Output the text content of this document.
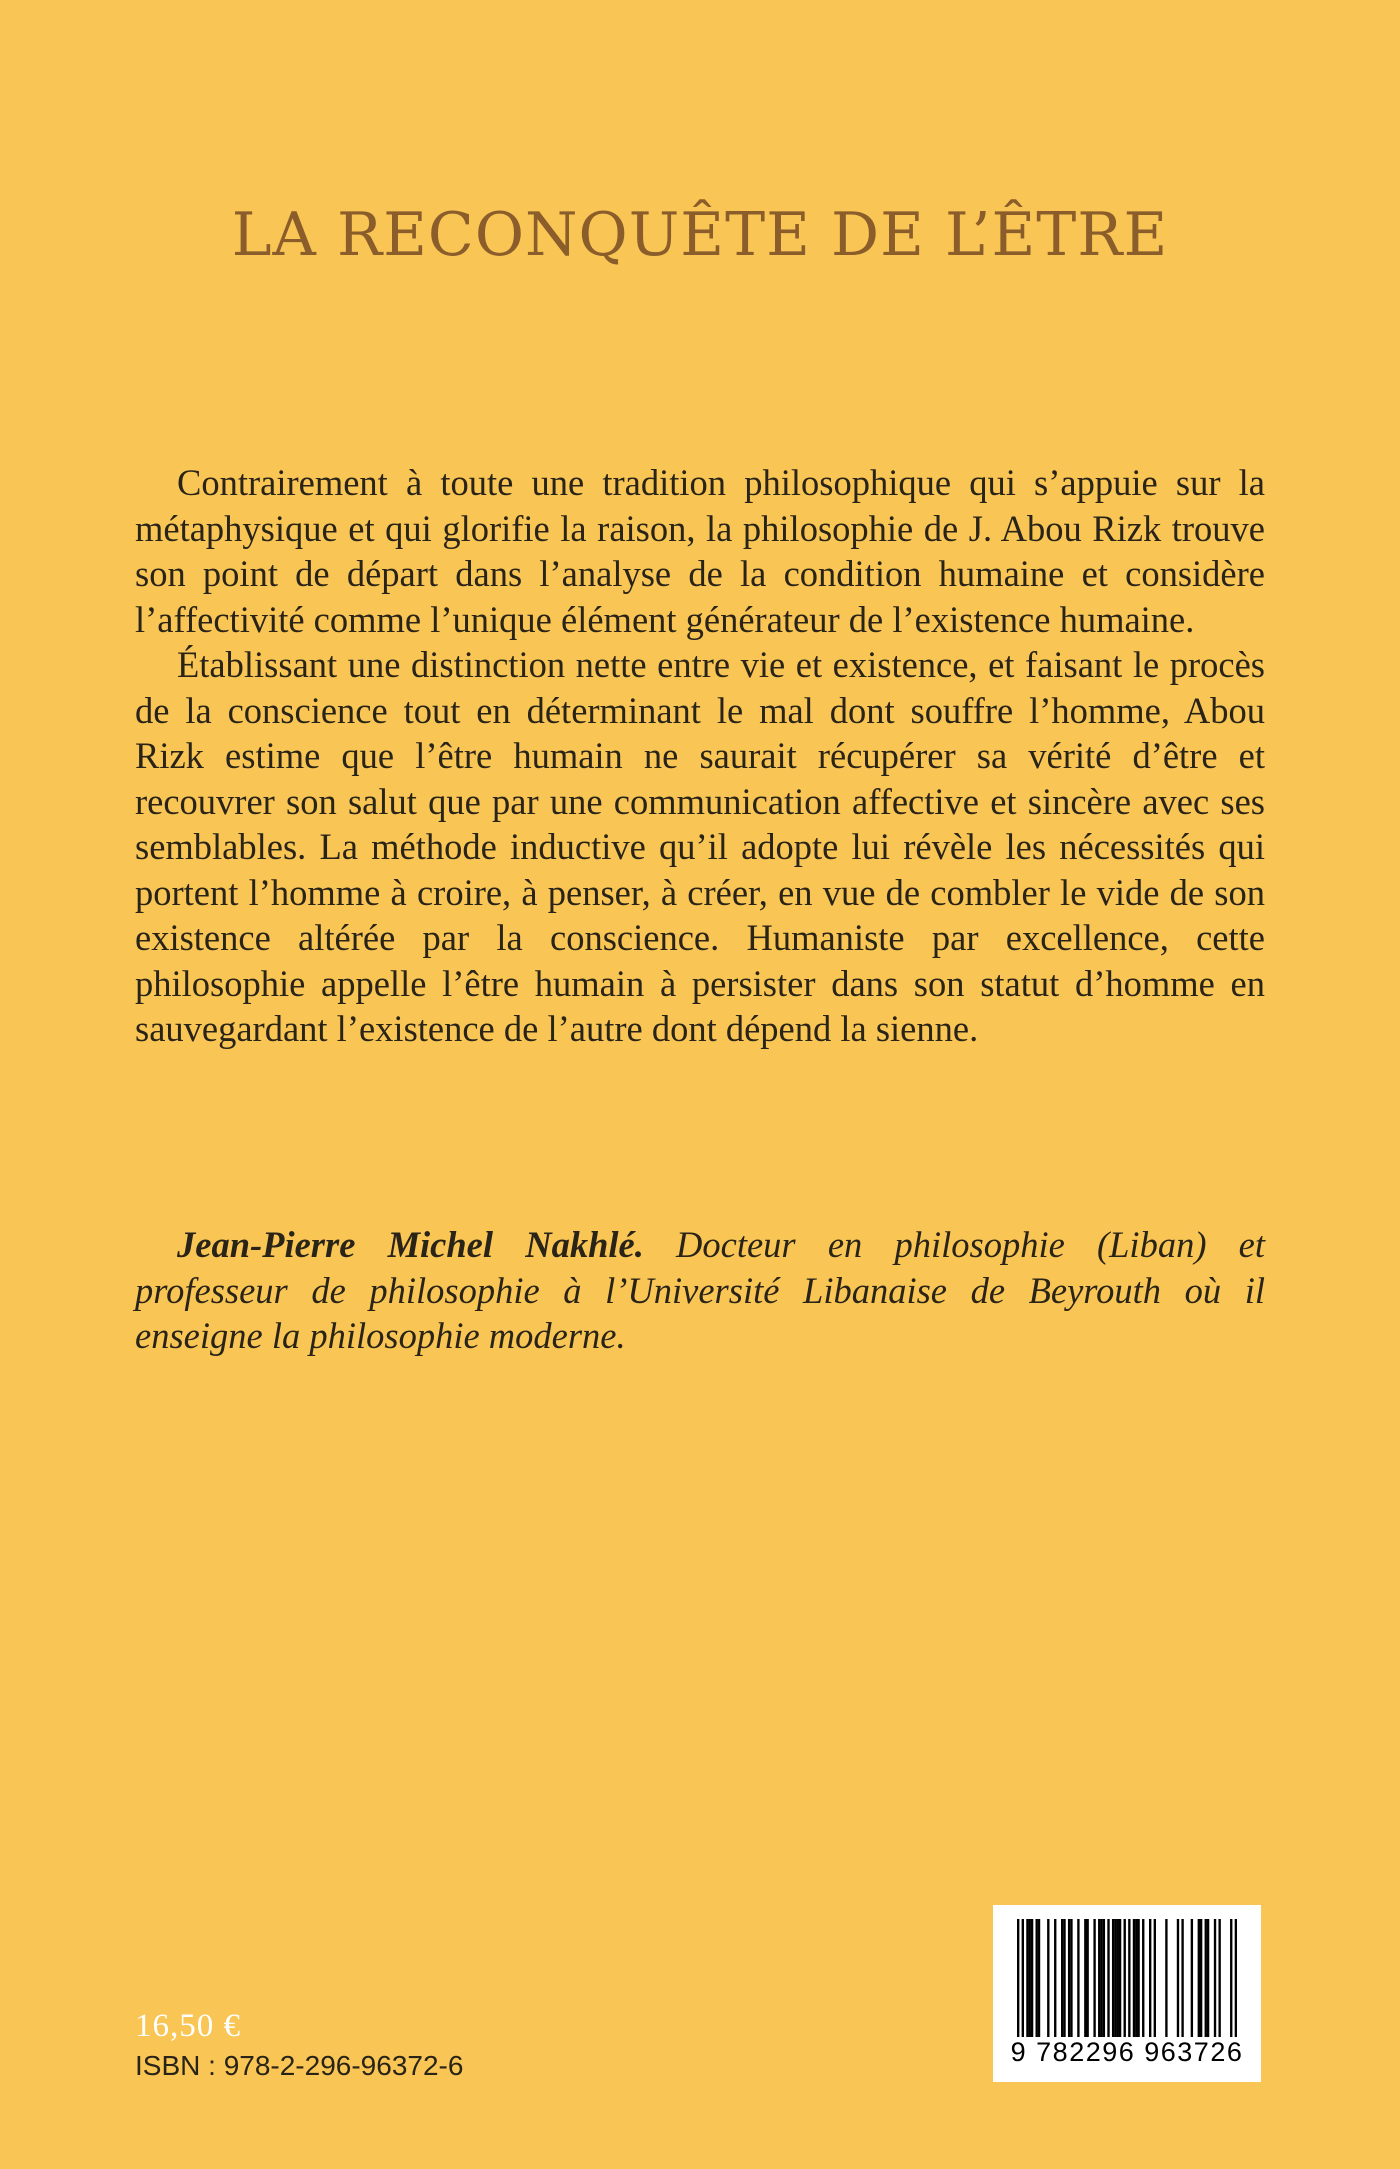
LA RECONQUÊTE DE L’ÊTRE

Contrairement à toute une tradition philosophique qui s’appuie sur la métaphysique et qui glorifie la raison, la philosophie de J. Abou Rizk trouve son point de départ dans l’analyse de la condition humaine et considère l’affectivité comme l’unique élément générateur de l’existence humaine.

Établissant une distinction nette entre vie et existence, et faisant le procès de la conscience tout en déterminant le mal dont souffre l’homme, Abou Rizk estime que l’être humain ne saurait récupérer sa vérité d’être et recouvrer son salut que par une communication affective et sincère avec ses semblables. La méthode inductive qu’il adopte lui révèle les nécessités qui portent l’homme à croire, à penser, à créer, en vue de combler le vide de son existence altérée par la conscience. Humaniste par excellence, cette philosophie appelle l’être humain à persister dans son statut d’homme en sauvegardant l’existence de l’autre dont dépend la sienne.

Jean-Pierre Michel Nakhlé. Docteur en philosophie (Liban) et professeur de philosophie à l’Université Libanaise de Beyrouth où il enseigne la philosophie moderne.

16,50 €
ISBN : 978-2-296-96372-6	9 782296 963726
